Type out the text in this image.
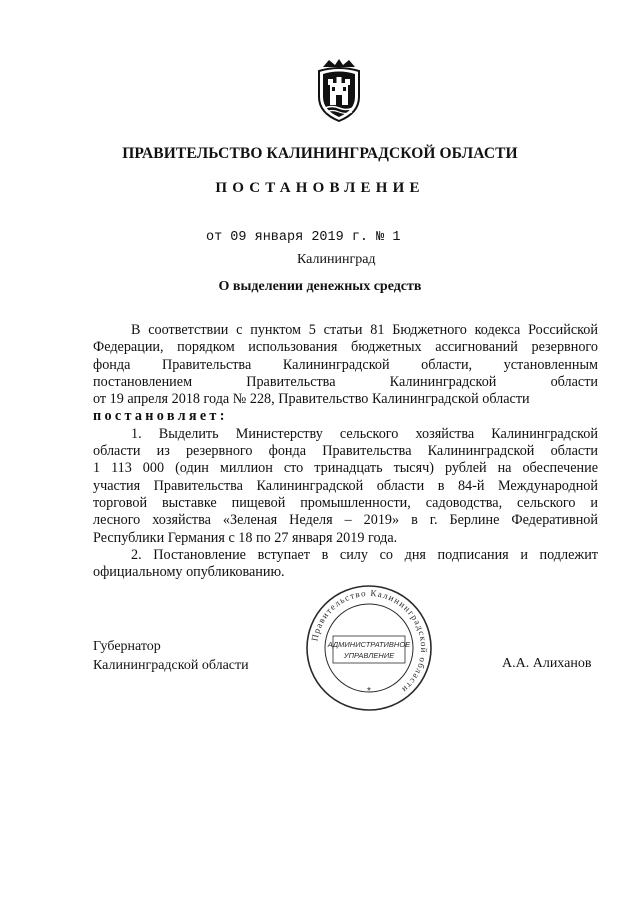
ПРАВИТЕЛЬСТВО КАЛИНИНГРАДСКОЙ ОБЛАСТИ
ПОСТАНОВЛЕНИЕ
от 09 января 2019 г. № 1
Калининград
О выделении денежных средств

В соответствии с пунктом 5 статьи 81 Бюджетного кодекса Российской

Федерации, порядком использования бюджетных ассигнований резервного

фонда Правительства Калининградской области, установленным

постановлением Правительства Калининградской области

от 19 апреля 2018 года № 228, Правительство Калининградской области

постановляет:

1. Выделить Министерству сельского хозяйства Калининградской

области из резервного фонда Правительства Калининградской области

1 113 000 (один миллион сто тринадцать тысяч) рублей на обеспечение

участия Правительства Калининградской области в 84-й Международной

торговой выставке пищевой промышленности, садоводства, сельского и

лесного хозяйства «Зеленая Неделя – 2019» в г. Берлине Федеративной

Республики Германия с 18 по 27 января 2019 года.

2. Постановление вступает в силу со дня подписания и подлежит

официальному опубликованию.

Губернатор
Калининградской области	А.А. Алиханов
Правительство Калининградской области
АДМИНИСТРАТИВНОЕ
УПРАВЛЕНИЕ
*
